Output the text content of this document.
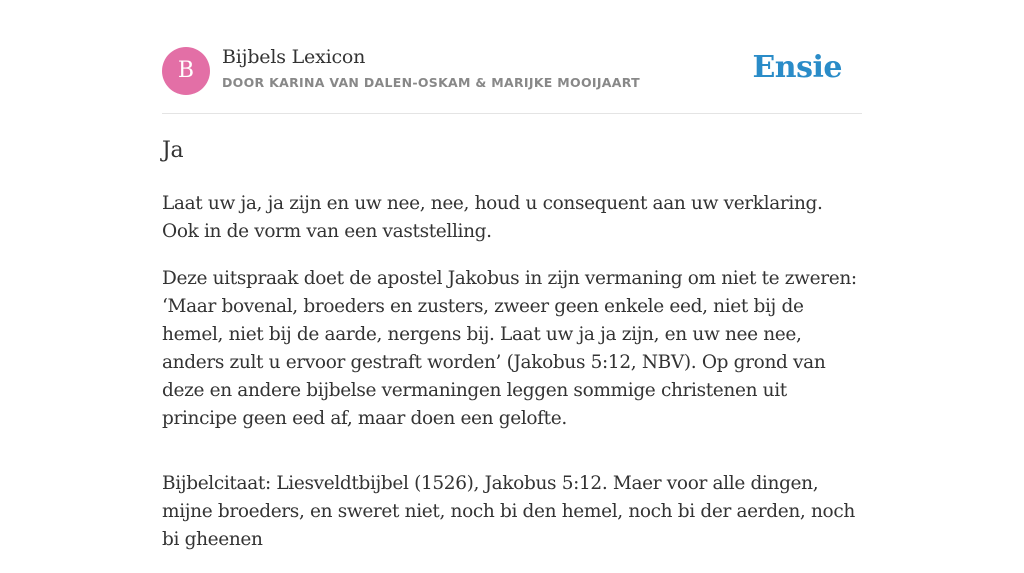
B
Bijbels Lexicon
DOOR KARINA VAN DALEN-OSKAM & MARIJKE MOOIJAART	Ensie
Ja

Laat uw ja, ja zijn en uw nee, nee, houd u consequent aan uw verklaring. Ook in de vorm van een vaststelling.

Deze uitspraak doet de apostel Jakobus in zijn vermaning om niet te zweren: ‘Maar bovenal, broeders en zusters, zweer geen enkele eed, niet bij de hemel, niet bij de aarde, nergens bij. Laat uw ja ja zijn, en uw nee nee, anders zult u ervoor gestraft worden’ (Jakobus 5:12, NBV). Op grond van deze en andere bijbelse vermaningen leggen sommige christenen uit principe geen eed af, maar doen een gelofte.

Bijbelcitaat: Liesveldtbijbel (1526), Jakobus 5:12. Maer voor alle dingen, mijne broeders, en sweret niet, noch bi den hemel, noch bi der aerden, noch bi gheenen
